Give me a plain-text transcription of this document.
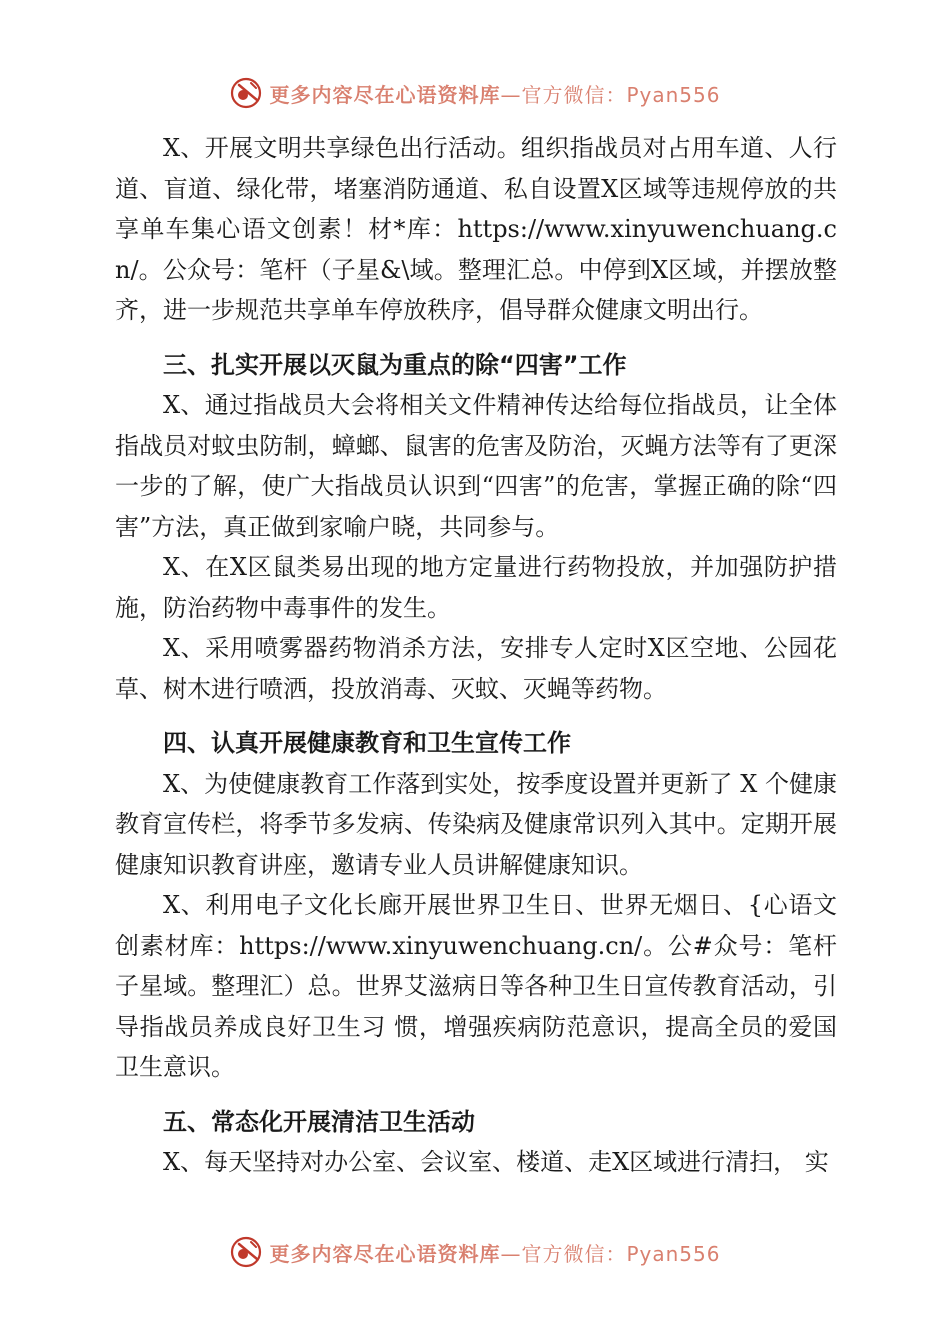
更多内容尽在心语资料库—官方微信：Pyan556

X、开展文明共享绿色出行活动。组织指战员对占用车道、人行道、盲道、绿化带，堵塞消防通道、私自设置X区域等违规停放的共享单车集心语文创素！材*库：https://www.xinyuwenchuang.cn/。公众号：笔杆（子星&\域。整理汇总。中停到X区域，并摆放整齐，进一步规范共享单车停放秩序，倡导群众健康文明出行。

三、扎实开展以灭鼠为重点的除“四害”工作

X、通过指战员大会将相关文件精神传达给每位指战员，让全体指战员对蚊虫防制，蟑螂、鼠害的危害及防治，灭蝇方法等有了更深一步的了解，使广大指战员认识到“四害”的危害，掌握正确的除“四害”方法，真正做到家喻户晓，共同参与。

X、在X区鼠类易出现的地方定量进行药物投放，并加强防护措施，防治药物中毒事件的发生。

X、采用喷雾器药物消杀方法，安排专人定时X区空地、公园花草、树木进行喷洒，投放消毒、灭蚊、灭蝇等药物。

四、认真开展健康教育和卫生宣传工作

X、为使健康教育工作落到实处，按季度设置并更新了 X 个健康教育宣传栏，将季节多发病、传染病及健康常识列入其中。定期开展健康知识教育讲座，邀请专业人员讲解健康知识。

X、利用电子文化长廊开展世界卫生日、世界无烟日、{心语文创素材库：https://www.xinyuwenchuang.cn/。公#众号：笔杆子星域。整理汇）总。世界艾滋病日等各种卫生日宣传教育活动，引导指战员养成良好卫生习 惯，增强疾病防范意识，提高全员的爱国卫生意识。

五、常态化开展清洁卫生活动

X、每天坚持对办公室、会议室、楼道、走X区域进行清扫， 实

更多内容尽在心语资料库—官方微信：Pyan556
